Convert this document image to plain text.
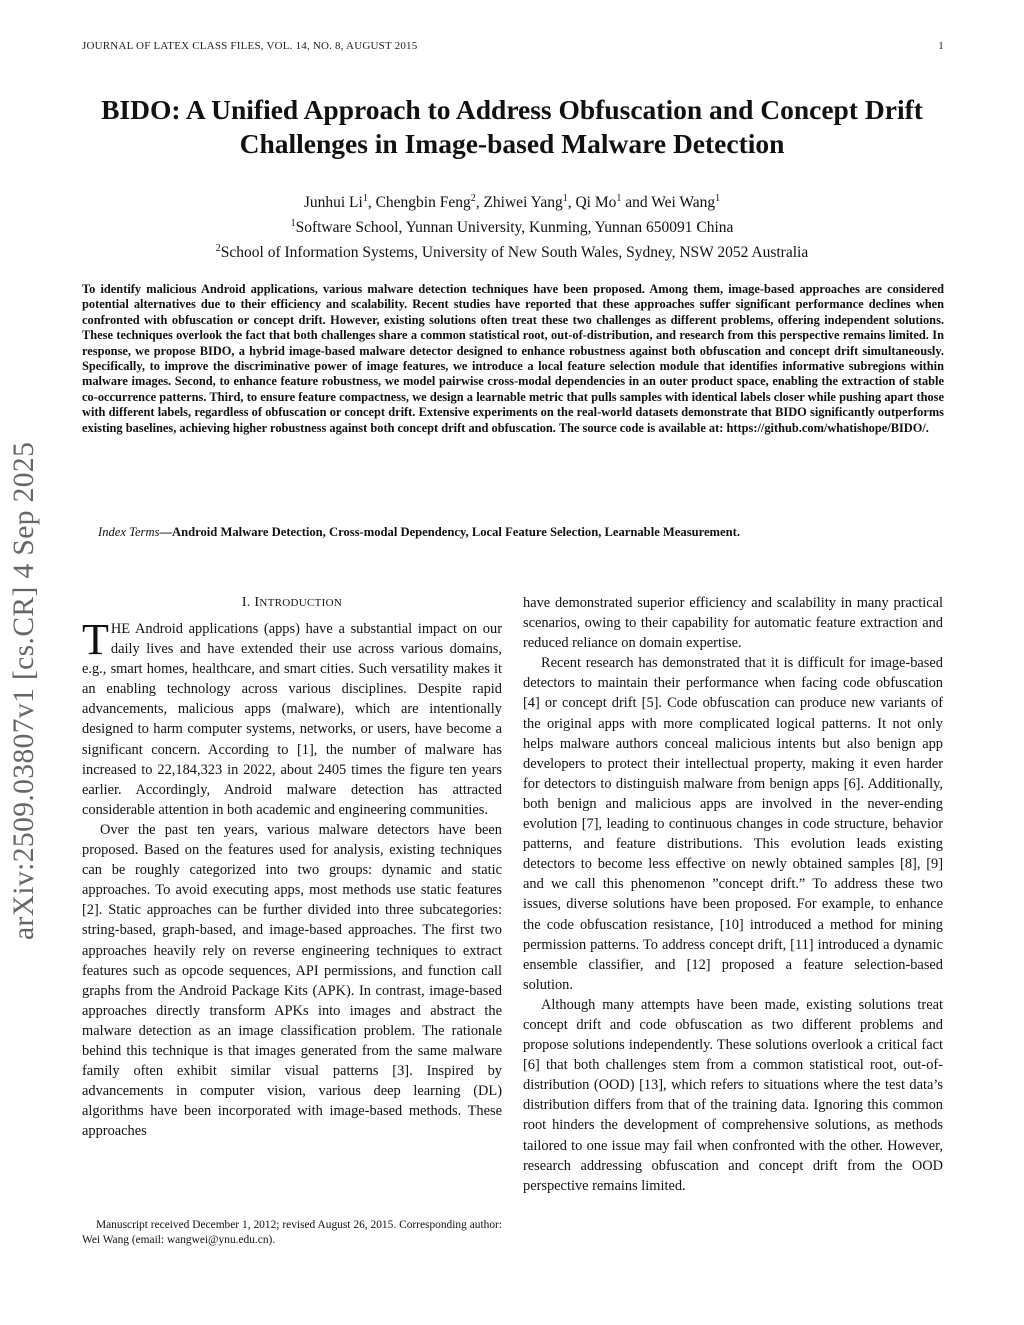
JOURNAL OF LATEX CLASS FILES, VOL. 14, NO. 8, AUGUST 2015	1
arXiv:2509.03807v1 [cs.CR] 4 Sep 2025
BIDO: A Unified Approach to Address Obfuscation and Concept Drift Challenges in Image-based Malware Detection
Junhui Li$^1$, Chengbin Feng$^2$, Zhiwei Yang$^1$, Qi Mo$^1$ and Wei Wang$^1$
$^1$Software School, Yunnan University, Kunming, Yunnan 650091 China
$^2$School of Information Systems, University of New South Wales, Sydney, NSW 2052 Australia
To identify malicious Android applications, various malware detection techniques have been proposed. Among them, image-based approaches are considered potential alternatives due to their efficiency and scalability. Recent studies have reported that these approaches suffer significant performance declines when confronted with obfuscation or concept drift. However, existing solutions often treat these two challenges as different problems, offering independent solutions. These techniques overlook the fact that both challenges share a common statistical root, out-of-distribution, and research from this perspective remains limited. In response, we propose BIDO, a hybrid image-based malware detector designed to enhance robustness against both obfuscation and concept drift simultaneously. Specifically, to improve the discriminative power of image features, we introduce a local feature selection module that identifies informative subregions within malware images. Second, to enhance feature robustness, we model pairwise cross-modal dependencies in an outer product space, enabling the extraction of stable co-occurrence patterns. Third, to ensure feature compactness, we design a learnable metric that pulls samples with identical labels closer while pushing apart those with different labels, regardless of obfuscation or concept drift. Extensive experiments on the real-world datasets demonstrate that BIDO significantly outperforms existing baselines, achieving higher robustness against both concept drift and obfuscation. The source code is available at: https://github.com/whatishope/BIDO/.
Index Terms—Android Malware Detection, Cross-modal Dependency, Local Feature Selection, Learnable Measurement.
I. INTRODUCTION

THE Android applications (apps) have a substantial impact on our daily lives and have extended their use across various domains, e.g., smart homes, healthcare, and smart cities. Such versatility makes it an enabling technology across various disciplines. Despite rapid advancements, malicious apps (malware), which are intentionally designed to harm computer systems, networks, or users, have become a significant concern. According to [1], the number of malware has increased to 22,184,323 in 2022, about 2405 times the figure ten years earlier. Accordingly, Android malware detection has attracted considerable attention in both academic and engineering communities.

Over the past ten years, various malware detectors have been proposed. Based on the features used for analysis, existing techniques can be roughly categorized into two groups: dynamic and static approaches. To avoid executing apps, most methods use static features [2]. Static approaches can be further divided into three subcategories: string-based, graph-based, and image-based approaches. The first two approaches heavily rely on reverse engineering techniques to extract features such as opcode sequences, API permissions, and function call graphs from the Android Package Kits (APK). In contrast, image-based approaches directly transform APKs into images and abstract the malware detection as an image classification problem. The rationale behind this technique is that images generated from the same malware family often exhibit similar visual patterns [3]. Inspired by advancements in computer vision, various deep learning (DL) algorithms have been incorporated with image-based methods. These approaches

Manuscript received December 1, 2012; revised August 26, 2015. Corresponding author: Wei Wang (email: wangwei@ynu.edu.cn).

have demonstrated superior efficiency and scalability in many practical scenarios, owing to their capability for automatic feature extraction and reduced reliance on domain expertise.

Recent research has demonstrated that it is difficult for image-based detectors to maintain their performance when facing code obfuscation [4] or concept drift [5]. Code obfuscation can produce new variants of the original apps with more complicated logical patterns. It not only helps malware authors conceal malicious intents but also benign app developers to protect their intellectual property, making it even harder for detectors to distinguish malware from benign apps [6]. Additionally, both benign and malicious apps are involved in the never-ending evolution [7], leading to continuous changes in code structure, behavior patterns, and feature distributions. This evolution leads existing detectors to become less effective on newly obtained samples [8], [9] and we call this phenomenon ”concept drift.” To address these two issues, diverse solutions have been proposed. For example, to enhance the code obfuscation resistance, [10] introduced a method for mining permission patterns. To address concept drift, [11] introduced a dynamic ensemble classifier, and [12] proposed a feature selection-based solution.

Although many attempts have been made, existing solutions treat concept drift and code obfuscation as two different problems and propose solutions independently. These solutions overlook a critical fact [6] that both challenges stem from a common statistical root, out-of-distribution (OOD) [13], which refers to situations where the test data’s distribution differs from that of the training data. Ignoring this common root hinders the development of comprehensive solutions, as methods tailored to one issue may fail when confronted with the other. However, research addressing obfuscation and concept drift from the OOD perspective remains limited.
